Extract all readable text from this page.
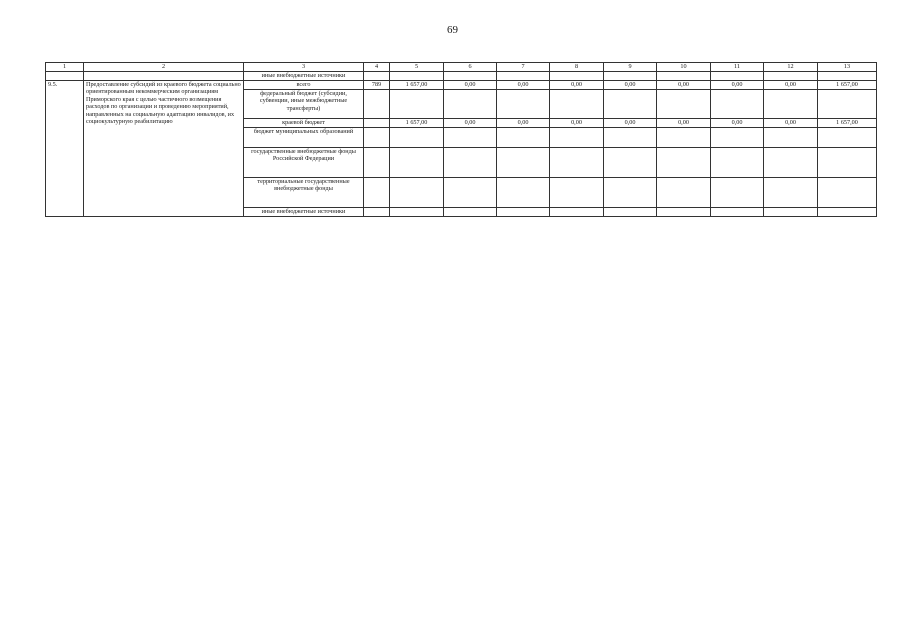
69
1	2	3	4	5	6	7	8	9	10	11	12	13
		иные внебюджетные источники										
9.5.	Предоставление субсидий из краевого бюджета социально ориентированным некоммерческим организациям Приморского края с целью частичного возмещения расходов по организации и проведению мероприятий, направленных на социальную адаптацию инвалидов, их социокультурную реабилитацию	всего	789	1 657,00	0,00	0,00	0,00	0,00	0,00	0,00	0,00	1 657,00
		федеральный бюджет (субсидии, субвенции, иные межбюджетные трансферты)										
		краевой бюджет		1 657,00	0,00	0,00	0,00	0,00	0,00	0,00	0,00	1 657,00
		бюджет муниципальных образований										
		государственные внебюджетные фонды Российской Федерации										
		территориальные государственные внебюджетные фонды										
		иные внебюджетные источники										
